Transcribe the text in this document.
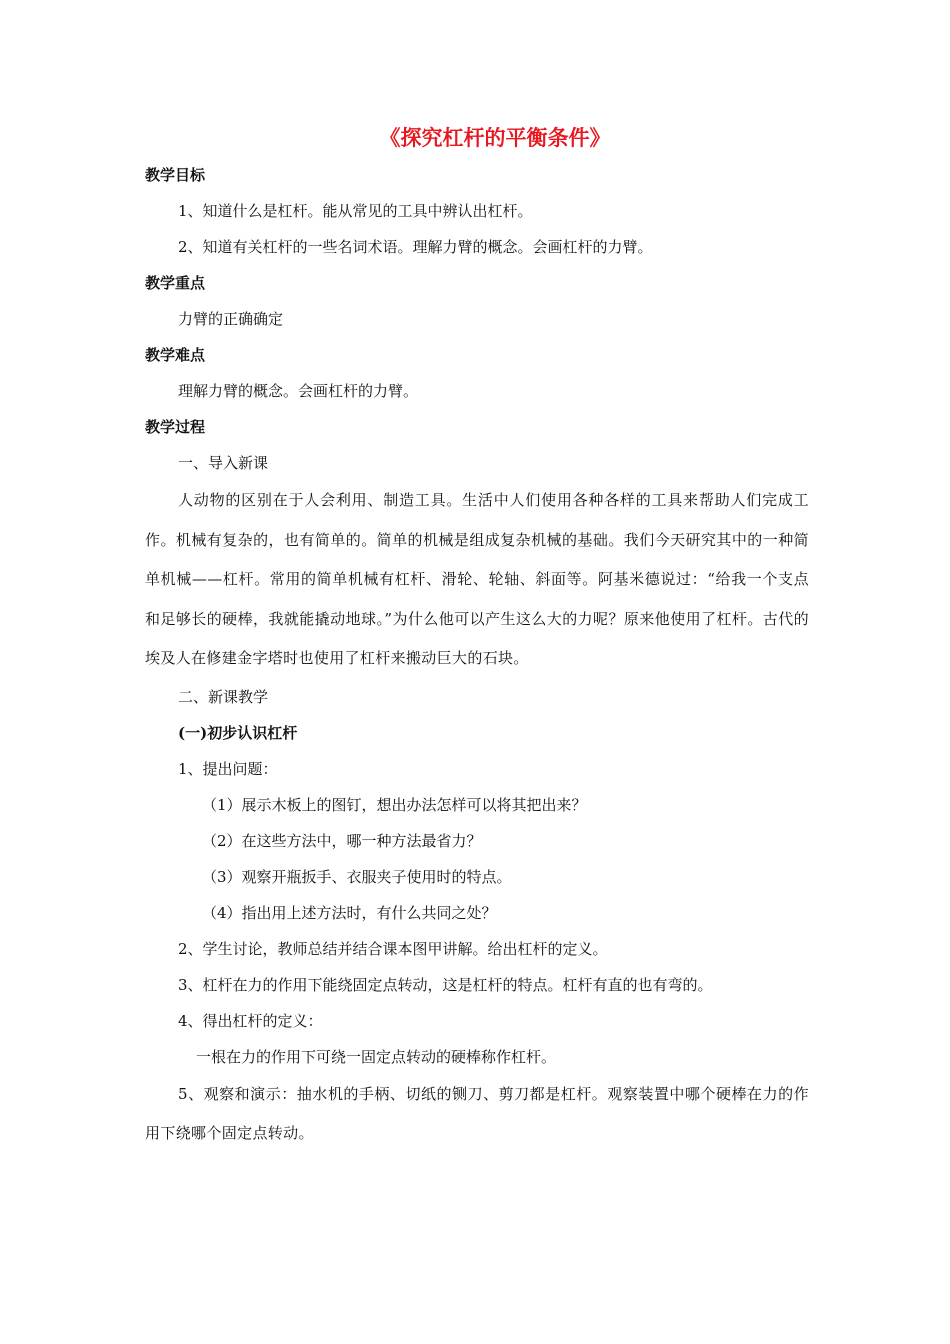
《探究杠杆的平衡条件》

教学目标

1、知道什么是杠杆。能从常见的工具中辨认出杠杆。

2、知道有关杠杆的一些名词术语。理解力臂的概念。会画杠杆的力臂。

教学重点

力臂的正确确定

教学难点

理解力臂的概念。会画杠杆的力臂。

教学过程

一、导入新课

人动物的区别在于人会利用、制造工具。生活中人们使用各种各样的工具来帮助人们完成工作。机械有复杂的，也有简单的。简单的机械是组成复杂机械的基础。我们今天研究其中的一种简单机械——杠杆。常用的简单机械有杠杆、滑轮、轮轴、斜面等。阿基米德说过：“给我一个支点和足够长的硬棒，我就能撬动地球。”为什么他可以产生这么大的力呢？原来他使用了杠杆。古代的埃及人在修建金字塔时也使用了杠杆来搬动巨大的石块。

二、新课教学

(一)初步认识杠杆

1、提出问题：

（1）展示木板上的图钉，想出办法怎样可以将其把出来？

（2）在这些方法中，哪一种方法最省力？

（3）观察开瓶扳手、衣服夹子使用时的特点。

（4）指出用上述方法时，有什么共同之处？

2、学生讨论，教师总结并结合课本图甲讲解。给出杠杆的定义。

3、杠杆在力的作用下能绕固定点转动，这是杠杆的特点。杠杆有直的也有弯的。

4、得出杠杆的定义：

一根在力的作用下可绕一固定点转动的硬棒称作杠杆。

5、观察和演示：抽水机的手柄、切纸的铡刀、剪刀都是杠杆。观察装置中哪个硬棒在力的作用下绕哪个固定点转动。
